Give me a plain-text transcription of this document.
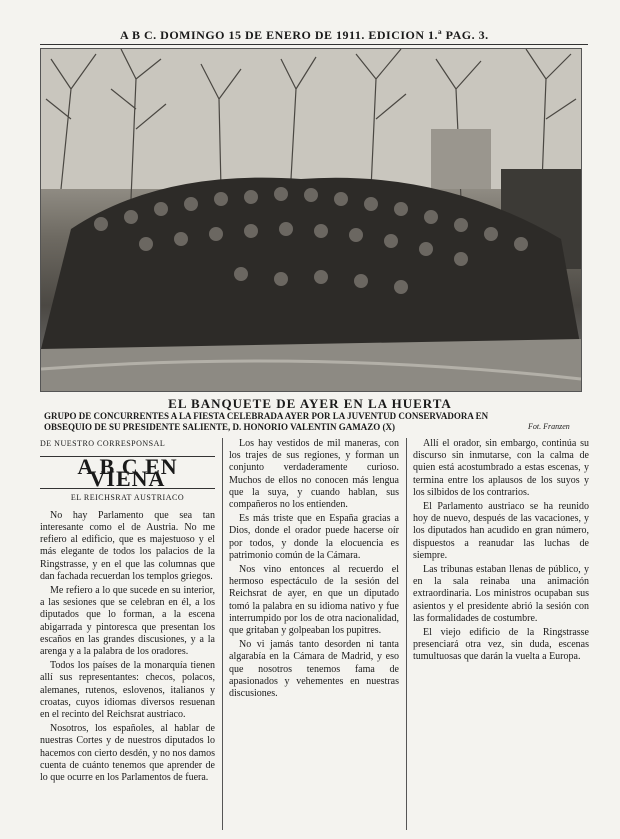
A B C. DOMINGO 15 DE ENERO DE 1911. EDICION 1.ª PAG. 3.
EL BANQUETE DE AYER EN LA HUERTA
GRUPO DE CONCURRENTES A LA FIESTA CELEBRADA AYER POR LA JUVENTUD CONSERVADORA EN OBSEQUIO DE SU PRESIDENTE SALIENTE, D. HONORIO VALENTIN GAMAZO (X)	Fot. Franzen
DE NUESTRO CORRESPONSAL
A B C EN VIENA
EL REICHSRAT AUSTRIACO

No hay Parlamento que sea tan interesante como el de Austria. No me refiero al edificio, que es majestuoso y el más elegante de todos los palacios de la Ringstrasse, y en el que las columnas que dan fachada recuerdan los templos griegos.

Me refiero a lo que sucede en su interior, a las sesiones que se celebran en él, a los diputados que lo forman, a la escena abigarrada y pintoresca que presentan los escaños en las grandes discusiones, y a la arenga y a la palabra de los oradores.

Todos los países de la monarquía tienen allí sus representantes: checos, polacos, alemanes, rutenos, eslovenos, italianos y croatas, cuyos idiomas diversos resuenan en el recinto del Reichsrat austriaco.

Nosotros, los españoles, al hablar de nuestras Cortes y de nuestros diputados lo hacemos con cierto desdén, y no nos damos cuenta de cuánto tenemos que aprender de lo que ocurre en los Parlamentos de fuera.

Los hay vestidos de mil maneras, con los trajes de sus regiones, y forman un conjunto verdaderamente curioso. Muchos de ellos no conocen más lengua que la suya, y cuando hablan, sus compañeros no los entienden.

Es más triste que en España gracias a Dios, donde el orador puede hacerse oír por todos, y donde la elocuencia es patrimonio común de la Cámara.

Nos vino entonces al recuerdo el hermoso espectáculo de la sesión del Reichsrat de ayer, en que un diputado tomó la palabra en su idioma nativo y fue interrumpido por los de otra nacionalidad, que gritaban y golpeaban los pupitres.

No vi jamás tanto desorden ni tanta algarabía en la Cámara de Madrid, y eso que nosotros tenemos fama de apasionados y vehementes en nuestras discusiones.

Allí el orador, sin embargo, continúa su discurso sin inmutarse, con la calma de quien está acostumbrado a estas escenas, y termina entre los aplausos de los suyos y los silbidos de los contrarios.

El Parlamento austriaco se ha reunido hoy de nuevo, después de las vacaciones, y los diputados han acudido en gran número, dispuestos a reanudar las luchas de siempre.

Las tribunas estaban llenas de público, y en la sala reinaba una animación extraordinaria. Los ministros ocupaban sus asientos y el presidente abrió la sesión con las formalidades de costumbre.

El viejo edificio de la Ringstrasse presenciará otra vez, sin duda, escenas tumultuosas que darán la vuelta a Europa.
